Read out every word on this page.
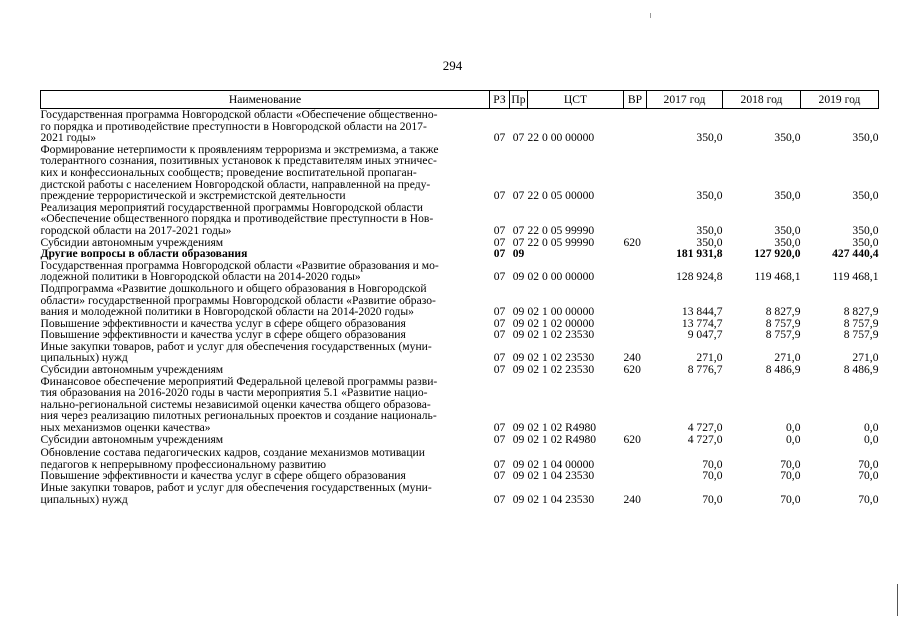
294
Наименование	РЗ	Пр	ЦСТ	ВР	2017 год	2018 год	2019 год
Государственная программа Новгородской области «Обеспечение общественно-
го порядка и противодействие преступности в Новгородской области на 2017-
2021 годы»	07	07	22 0 00 00000		350,0	350,0	350,0
Формирование нетерпимости к проявлениям терроризма и экстремизма, а также
толерантного сознания, позитивных установок к представителям иных этничес-
ких и конфессиональных сообществ; проведение воспитательной пропаган-
дистской работы с населением Новгородской области, направленной на преду-
преждение террористической и экстремистской деятельности	07	07	22 0 05 00000		350,0	350,0	350,0
Реализация мероприятий государственной программы Новгородской области
«Обеспечение общественного порядка и противодействие преступности в Нов-
городской области на 2017-2021 годы»	07	07	22 0 05 99990		350,0	350,0	350,0
Субсидии автономным учреждениям	07	07	22 0 05 99990	620	350,0	350,0	350,0
Другие вопросы в области образования	07	09			181 931,8	127 920,0	427 440,4
Государственная программа Новгородской области «Развитие образования и мо-
лодежной политики в Новгородской области на 2014-2020 годы»	07	09	02 0 00 00000		128 924,8	119 468,1	119 468,1
Подпрограмма «Развитие дошкольного и общего образования в Новгородской
области» государственной программы Новгородской области «Развитие образо-
вания и молодежной политики в Новгородской области на 2014-2020 годы»	07	09	02 1 00 00000		13 844,7	8 827,9	8 827,9
Повышение эффективности и качества услуг в сфере общего образования	07	09	02 1 02 00000		13 774,7	8 757,9	8 757,9
Повышение эффективности и качества услуг в сфере общего образования	07	09	02 1 02 23530		9 047,7	8 757,9	8 757,9
Иные закупки товаров, работ и услуг для обеспечения государственных (муни-
ципальных) нужд	07	09	02 1 02 23530	240	271,0	271,0	271,0
Субсидии автономным учреждениям	07	09	02 1 02 23530	620	8 776,7	8 486,9	8 486,9
Финансовое обеспечение мероприятий Федеральной целевой программы разви-
тия образования на 2016-2020 годы в части мероприятия 5.1 «Развитие нацио-
нально-региональной системы независимой оценки качества общего образова-
ния через реализацию пилотных региональных проектов и создание националь-
ных механизмов оценки качества»	07	09	02 1 02 R4980		4 727,0	0,0	0,0
Субсидии автономным учреждениям	07	09	02 1 02 R4980	620	4 727,0	0,0	0,0
Обновление состава педагогических кадров, создание механизмов мотивации
педагогов к непрерывному профессиональному развитию	07	09	02 1 04 00000		70,0	70,0	70,0
Повышение эффективности и качества услуг в сфере общего образования	07	09	02 1 04 23530		70,0	70,0	70,0
Иные закупки товаров, работ и услуг для обеспечения государственных (муни-
ципальных) нужд	07	09	02 1 04 23530	240	70,0	70,0	70,0
